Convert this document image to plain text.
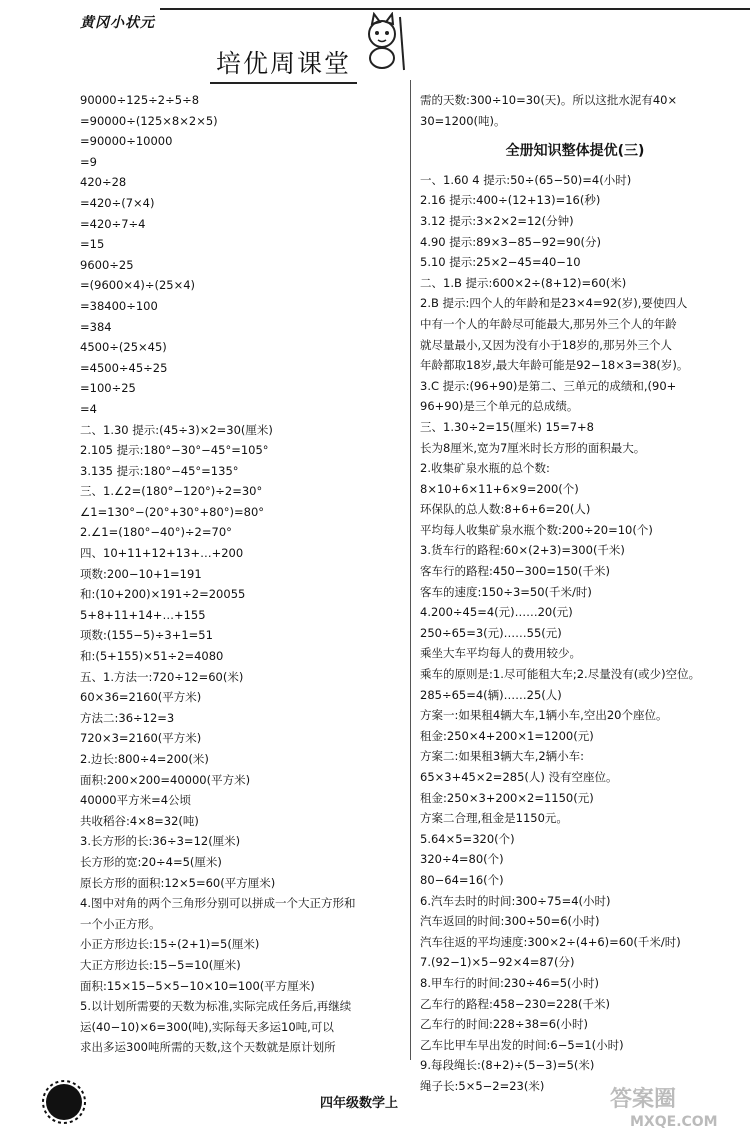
黄冈小状元
培优周课堂
90000÷125÷2÷5÷8
=90000÷(125×8×2×5)
=90000÷10000
=9
420÷28
=420÷(7×4)
=420÷7÷4
=15
9600÷25
=(9600×4)÷(25×4)
=38400÷100
=384
4500÷(25×45)
=4500÷45÷25
=100÷25
=4
二、1.30 提示:(45÷3)×2=30(厘米)
2.105 提示:180°−30°−45°=105°
3.135 提示:180°−45°=135°
三、1.∠2=(180°−120°)÷2=30°
∠1=130°−(20°+30°+80°)=80°
2.∠1=(180°−40°)÷2=70°
四、10+11+12+13+…+200
项数:200−10+1=191
和:(10+200)×191÷2=20055
5+8+11+14+…+155
项数:(155−5)÷3+1=51
和:(5+155)×51÷2=4080
五、1.方法一:720÷12=60(米)
60×36=2160(平方米)
方法二:36÷12=3
720×3=2160(平方米)
2.边长:800÷4=200(米)
面积:200×200=40000(平方米)
40000平方米=4公顷
共收稻谷:4×8=32(吨)
3.长方形的长:36÷3=12(厘米)
长方形的宽:20÷4=5(厘米)
原长方形的面积:12×5=60(平方厘米)
4.图中对角的两个三角形分别可以拼成一个大正方形和
一个小正方形。
小正方形边长:15÷(2+1)=5(厘米)
大正方形边长:15−5=10(厘米)
面积:15×15−5×5−10×10=100(平方厘米)
5.以计划所需要的天数为标准,实际完成任务后,再继续
运(40−10)×6=300(吨),实际每天多运10吨,可以
求出多运300吨所需的天数,这个天数就是原计划所
需的天数:300÷10=30(天)。所以这批水泥有40×
30=1200(吨)。
全册知识整体提优(三)
一、1.60 4 提示:50÷(65−50)=4(小时)
2.16 提示:400÷(12+13)=16(秒)
3.12 提示:3×2×2=12(分钟)
4.90 提示:89×3−85−92=90(分)
5.10 提示:25×2−45=40−10
二、1.B 提示:600×2÷(8+12)=60(米)
2.B 提示:四个人的年龄和是23×4=92(岁),要使四人
中有一个人的年龄尽可能最大,那另外三个人的年龄
就尽量最小,又因为没有小于18岁的,那另外三个人
年龄都取18岁,最大年龄可能是92−18×3=38(岁)。
3.C 提示:(96+90)是第二、三单元的成绩和,(90+
96+90)是三个单元的总成绩。
三、1.30÷2=15(厘米) 15=7+8
长为8厘米,宽为7厘米时长方形的面积最大。
2.收集矿泉水瓶的总个数:
8×10+6×11+6×9=200(个)
环保队的总人数:8+6+6=20(人)
平均每人收集矿泉水瓶个数:200÷20=10(个)
3.货车行的路程:60×(2+3)=300(千米)
客车行的路程:450−300=150(千米)
客车的速度:150÷3=50(千米/时)
4.200÷45=4(元)……20(元)
250÷65=3(元)……55(元)
乘坐大车平均每人的费用较少。
乘车的原则是:1.尽可能租大车;2.尽量没有(或少)空位。
285÷65=4(辆)……25(人)
方案一:如果租4辆大车,1辆小车,空出20个座位。
租金:250×4+200×1=1200(元)
方案二:如果租3辆大车,2辆小车:
65×3+45×2=285(人) 没有空座位。
租金:250×3+200×2=1150(元)
方案二合理,租金是1150元。
5.64×5=320(个)
320÷4=80(个)
80−64=16(个)
6.汽车去时的时间:300÷75=4(小时)
汽车返回的时间:300÷50=6(小时)
汽车往返的平均速度:300×2÷(4+6)=60(千米/时)
7.(92−1)×5−92×4=87(分)
8.甲车行的时间:230÷46=5(小时)
乙车行的路程:458−230=228(千米)
乙车行的时间:228÷38=6(小时)
乙车比甲车早出发的时间:6−5=1(小时)
9.每段绳长:(8+2)÷(5−3)=5(米)
绳子长:5×5−2=23(米)
四年级数学上	答案圈
MXQE.COM
